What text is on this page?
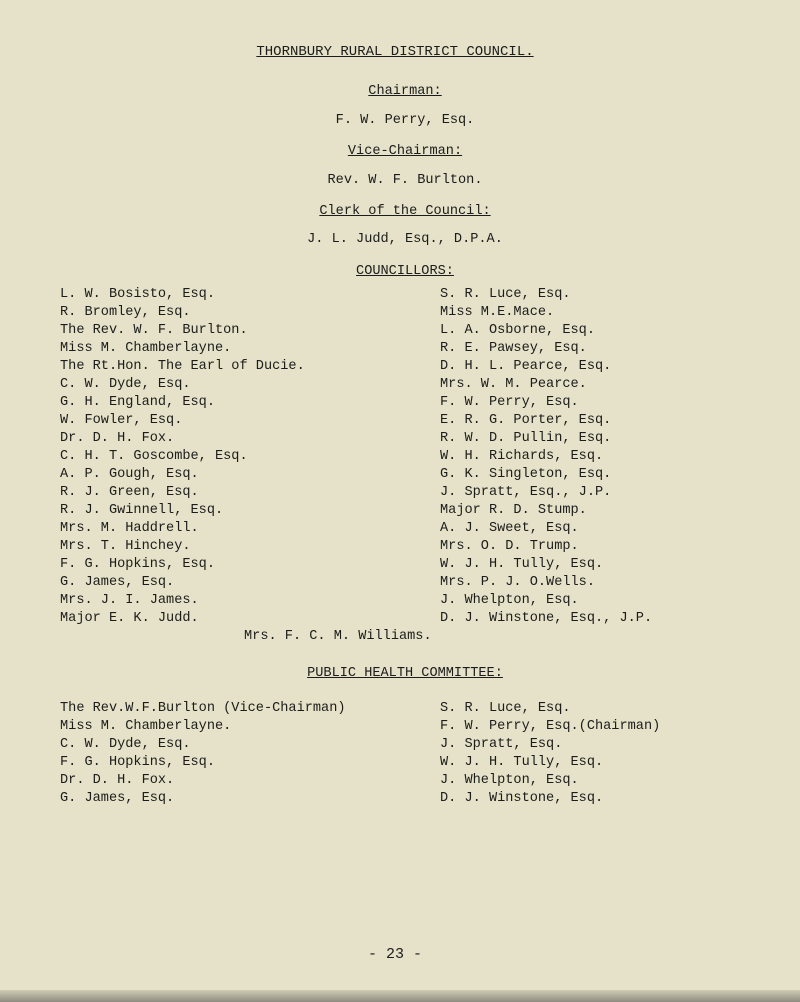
THORNBURY RURAL DISTRICT COUNCIL.
Chairman:
F. W. Perry, Esq.
Vice-Chairman:
Rev. W. F. Burlton.
Clerk of the Council:
J. L. Judd, Esq., D.P.A.
COUNCILLORS:
L. W. Bosisto, Esq.
R. Bromley, Esq.
The Rev. W. F. Burlton.
Miss M. Chamberlayne.
The Rt.Hon. The Earl of Ducie.
C. W. Dyde, Esq.
G. H. England, Esq.
W. Fowler, Esq.
Dr. D. H. Fox.
C. H. T. Goscombe, Esq.
A. P. Gough, Esq.
R. J. Green, Esq.
R. J. Gwinnell, Esq.
Mrs. M. Haddrell.
Mrs. T. Hinchey.
F. G. Hopkins, Esq.
G. James, Esq.
Mrs. J. I. James.
Major E. K. Judd.
S. R. Luce, Esq.
Miss M.E.Mace.
L. A. Osborne, Esq.
R. E. Pawsey, Esq.
D. H. L. Pearce, Esq.
Mrs. W. M. Pearce.
F. W. Perry, Esq.
E. R. G. Porter, Esq.
R. W. D. Pullin, Esq.
W. H. Richards, Esq.
G. K. Singleton, Esq.
J. Spratt, Esq., J.P.
Major R. D. Stump.
A. J. Sweet, Esq.
Mrs. O. D. Trump.
W. J. H. Tully, Esq.
Mrs. P. J. O.Wells.
J. Whelpton, Esq.
D. J. Winstone, Esq., J.P.
Mrs. F. C. M. Williams.
PUBLIC HEALTH COMMITTEE:
The Rev.W.F.Burlton (Vice-Chairman)
Miss M. Chamberlayne.
C. W. Dyde, Esq.
F. G. Hopkins, Esq.
Dr. D. H. Fox.
G. James, Esq.
S. R. Luce, Esq.
F. W. Perry, Esq.(Chairman)
J. Spratt, Esq.
W. J. H. Tully, Esq.
J. Whelpton, Esq.
D. J. Winstone, Esq.
- 23 -
